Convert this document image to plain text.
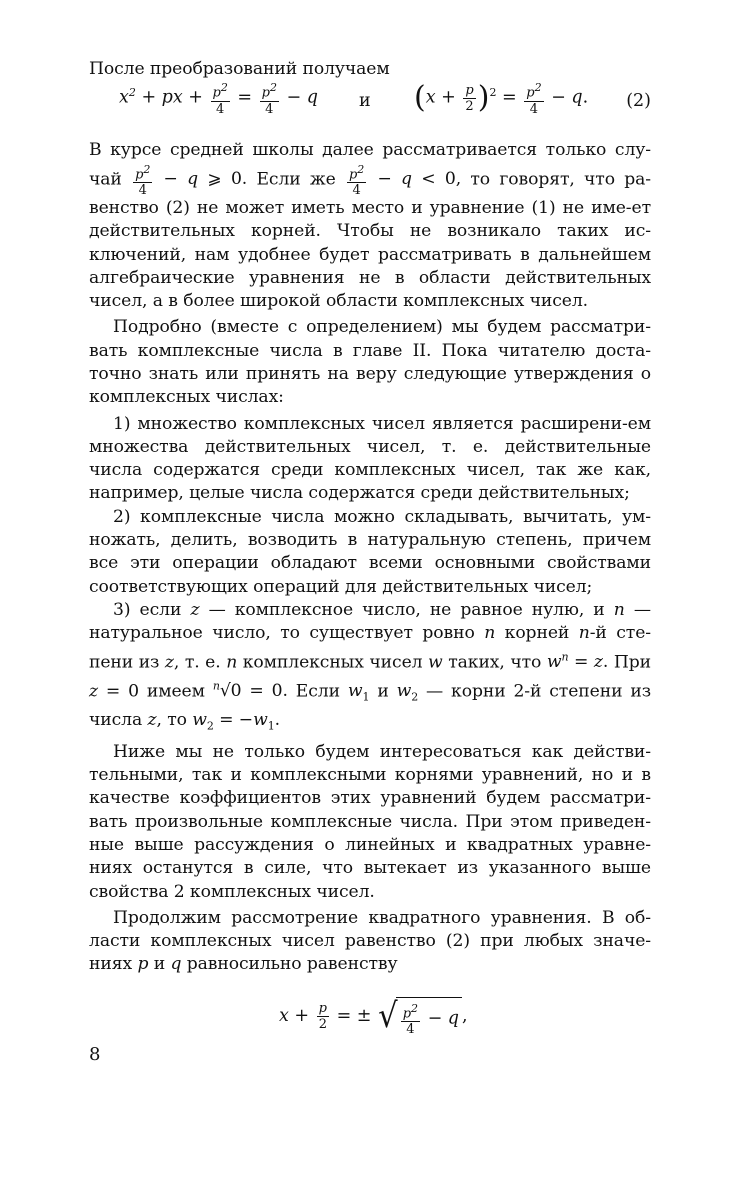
После преобразований получаем

$x^2$ + px + $\frac{p^2}{4} = \frac{p^2}{4} - q$ и $(x + \frac{p}{2} )^2 = \frac{p^2}{4} - q$. (2)

В курсе средней школы далее рассматривается только $слу-чай \frac{p^2}{4} - q$ ⩾ 0. Если же $\frac{p^2}{4} - q < 0$, то говорят, что ра-венство (2) не может иметь место и уравнение (1) не име-ет действительных корней. Чтобы не возникало таких ис-ключений, нам удобнее будет рассматривать в дальнейшем алгебраические уравнения не в области действительных чисел, а в более широкой области комплексных чисел.

Подробно (вместе с определением) мы будем рассматри-вать комплексные числа в главе II. Пока читателю доста-точно знать или принять на веру следующие утверждения о комплексных числах:

1) множество комплексных чисел является расширени-ем множества действительных чисел, т. е. действительные числа содержатся среди комплексных чисел, так же как, например, целые числа содержатся среди действительных;

2) комплексные числа можно складывать, вычитать, ум-ножать, делить, возводить в натуральную степень, причем все эти операции обладают всеми основными свойствами соответствующих операций для действительных чисел;

3) если z — комплексное число, не равное нулю, и n — натуральное число, то существует ровно n корней n-й сте-пени из z, т. е. n комплексных чисел w таких, что $w^n = z$. При z = 0 имеем $^n$√0 = 0. Если $w_1$ и $w_2$ — корни 2-й степени из числа z, то $w_2 = -w_1$.

Ниже мы не только будем интересоваться как действи-тельными, так и комплексными корнями уравнений, но и в качестве коэффициентов этих уравнений будем рассматри-вать произвольные комплексные числа. При этом приведен-ные выше рассуждения о линейных и квадратных уравне-ниях останутся в силе, что вытекает из указанного выше свойства 2 комплексных чисел.

Продолжим рассмотрение квадратного уравнения. В об-ласти комплексных чисел равенство (2) при любых значе-ниях p и q равносильно равенству

$x + \frac{p}{2}$ = ± √ $\frac{p^2}{4} - q$ ,
8
